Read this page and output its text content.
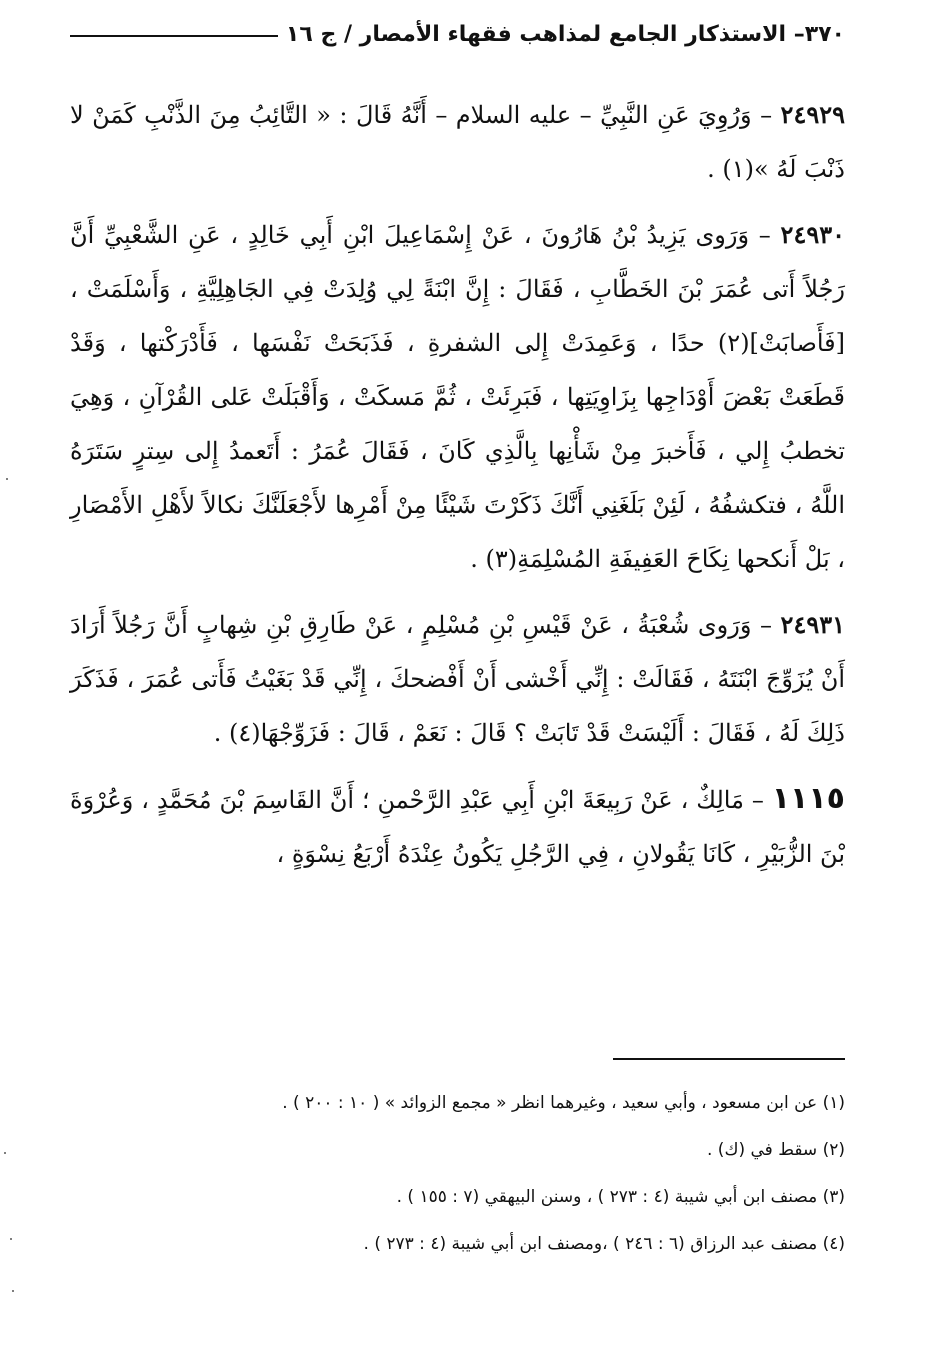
٣٧٠
– الاستذكار الجامع لمذاهب فقهاء الأمصار / ج ١٦

٢٤٩٢٩ – وَرُوِيَ عَنِ النَّبِيِّ – عليه السلام – أَنَّهُ قَالَ : « التَّائِبُ مِنَ الذَّنْبِ كَمَنْ لا ذَنْبَ لَهُ »(١) .

٢٤٩٣٠ – وَرَوى يَزِيدُ بْنُ هَارُونَ ، عَنْ إِسْمَاعِيلَ ابْنِ أَبِي خَالِدٍ ، عَنِ الشَّعْبِيِّ أَنَّ رَجُلاً أَتى عُمَرَ بْنَ الخَطَّابِ ، فَقَالَ : إِنَّ ابْنَةً لِي وُلِدَتْ فِي الجَاهِلِيَّةِ ، وَأَسْلَمَتْ ، [فَأَصابَتْ](٢) حدًا ، وَعَمِدَتْ إِلى الشفرةِ ، فَذَبَحَتْ نَفْسَها ، فَأَدْرَكْتها ، وَقَدْ قَطَعَتْ بَعْضَ أَوْدَاجِها بِزَاوِيَتِها ، فَبَرِئَتْ ، ثُمَّ مَسكَتْ ، وَأَقْبَلَتْ عَلى القُرْآنِ ، وَهِيَ تخطبُ إِلي ، فَأَخبرَ مِنْ شَأْنِها بِالَّذِي كَانَ ، فَقَالَ عُمَرُ : أَتَعمدُ إِلى سِترٍ سَتَرَهُ اللَّهُ ، فتكشفُهُ ، لَئِنْ بَلَغَنِي أَنَّكَ ذَكَرْتَ شَيْئًا مِنْ أَمْرِها لأَجْعَلَنَّكَ نكالاً لأَهْلِ الأَمْصَارِ ، بَلْ أَنكحها نِكَاحَ العَفِيفَةِ المُسْلِمَةِ(٣) .

٢٤٩٣١ – وَرَوى شُعْبَةُ ، عَنْ قَيْسِ بْنِ مُسْلِمٍ ، عَنْ طَارِقِ بْنِ شِهابٍ أَنَّ رَجُلاً أَرَادَ أَنْ يُزَوِّجَ ابْنَتَهُ ، فَقَالَتْ : إِنِّي أَخْشى أَنْ أَفْضحكَ ، إِنِّي قَدْ بَغَيْتُ فَأَتى عُمَرَ ، فَذَكَرَ ذَلِكَ لَهُ ، فَقَالَ : أَلَيْسَتْ قَدْ تَابَتْ ؟ قَالَ : نَعَمْ ، قَالَ : فَزَوِّجْهَا(٤) .

١١١٥ – مَالِكٌ ، عَنْ رَبِيعَةَ ابْنِ أَبِي عَبْدِ الرَّحْمنِ ؛ أَنَّ القَاسِمَ بْنَ مُحَمَّدٍ ، وَعُرْوَةَ بْنَ الزُّبَيْرِ ، كَانَا يَقُولانِ ، فِي الرَّجُلِ يَكُونُ عِنْدَهُ أَرْبَعُ نِسْوَةٍ ،

(١) عن ابن مسعود ، وأبي سعيد ، وغيرهما انظر « مجمع الزوائد » ( ١٠ : ٢٠٠ ) .
(٢) سقط في (ك) .
(٣) مصنف ابن أبي شيبة (٤ : ٢٧٣ ) ، وسنن البيهقي (٧ : ١٥٥ ) .
(٤) مصنف عبد الرزاق (٦ : ٢٤٦ ) ،ومصنف ابن أبي شيبة (٤ : ٢٧٣ ) .
